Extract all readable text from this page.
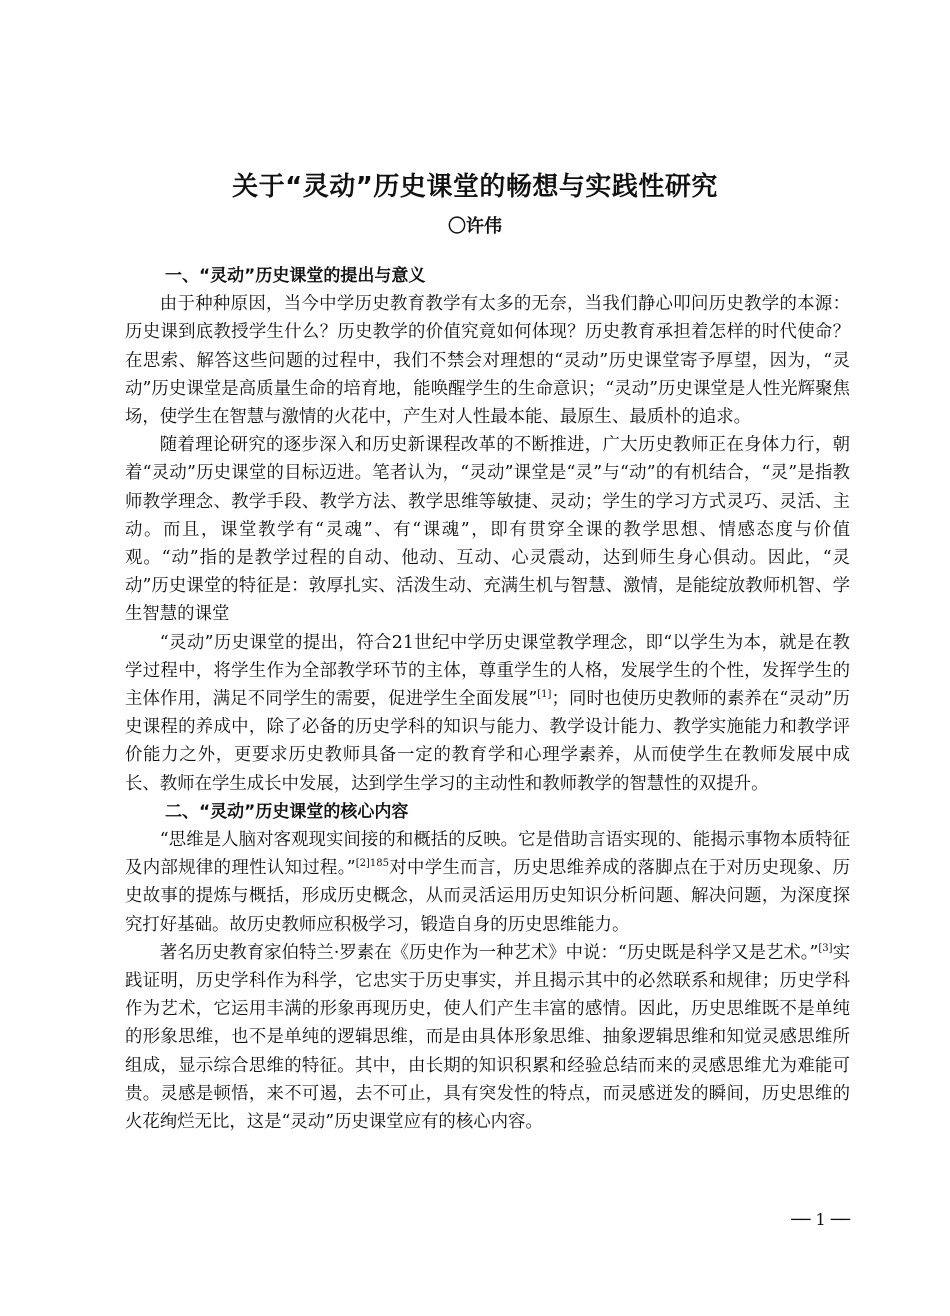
关于“灵动”历史课堂的畅想与实践性研究
〇许伟

一、“灵动”历史课堂的提出与意义

由于种种原因，当今中学历史教育教学有太多的无奈，当我们静心叩问历史教学的本源：历史课到底教授学生什么？历史教学的价值究竟如何体现？历史教育承担着怎样的时代使命？在思索、解答这些问题的过程中，我们不禁会对理想的“灵动”历史课堂寄予厚望，因为，“灵动”历史课堂是高质量生命的培育地，能唤醒学生的生命意识；“灵动”历史课堂是人性光辉聚焦场，使学生在智慧与激情的火花中，产生对人性最本能、最原生、最质朴的追求。

随着理论研究的逐步深入和历史新课程改革的不断推进，广大历史教师正在身体力行，朝着“灵动”历史课堂的目标迈进。笔者认为，“灵动”课堂是“灵”与“动”的有机结合，“灵”是指教师教学理念、教学手段、教学方法、教学思维等敏捷、灵动；学生的学习方式灵巧、灵活、主动。而且，课堂教学有“灵魂”、有“课魂”，即有贯穿全课的教学思想、情感态度与价值观。“动”指的是教学过程的自动、他动、互动、心灵震动，达到师生身心俱动。因此，“灵动”历史课堂的特征是：敦厚扎实、活泼生动、充满生机与智慧、激情，是能绽放教师机智、学生智慧的课堂

“灵动”历史课堂的提出，符合21世纪中学历史课堂教学理念，即“以学生为本，就是在教学过程中，将学生作为全部教学环节的主体，尊重学生的人格，发展学生的个性，发挥学生的主体作用，满足不同学生的需要，促进学生全面发展”[1]；同时也使历史教师的素养在“灵动”历史课程的养成中，除了必备的历史学科的知识与能力、教学设计能力、教学实施能力和教学评价能力之外，更要求历史教师具备一定的教育学和心理学素养，从而使学生在教师发展中成长、教师在学生成长中发展，达到学生学习的主动性和教师教学的智慧性的双提升。

二、“灵动”历史课堂的核心内容

“思维是人脑对客观现实间接的和概括的反映。它是借助言语实现的、能揭示事物本质特征及内部规律的理性认知过程。”$^{[2]185}$对中学生而言，历史思维养成的落脚点在于对历史现象、历史故事的提炼与概括，形成历史概念，从而灵活运用历史知识分析问题、解决问题，为深度探究打好基础。故历史教师应积极学习，锻造自身的历史思维能力。

著名历史教育家伯特兰·罗素在《历史作为一种艺术》中说：“历史既是科学又是艺术。”[3]实践证明，历史学科作为科学，它忠实于历史事实，并且揭示其中的必然联系和规律；历史学科作为艺术，它运用丰满的形象再现历史，使人们产生丰富的感情。因此，历史思维既不是单纯的形象思维，也不是单纯的逻辑思维，而是由具体形象思维、抽象逻辑思维和知觉灵感思维所组成，显示综合思维的特征。其中，由长期的知识积累和经验总结而来的灵感思维尤为难能可贵。灵感是顿悟，来不可遏，去不可止，具有突发性的特点，而灵感迸发的瞬间，历史思维的火花绚烂无比，这是“灵动”历史课堂应有的核心内容。

── 1 ──
